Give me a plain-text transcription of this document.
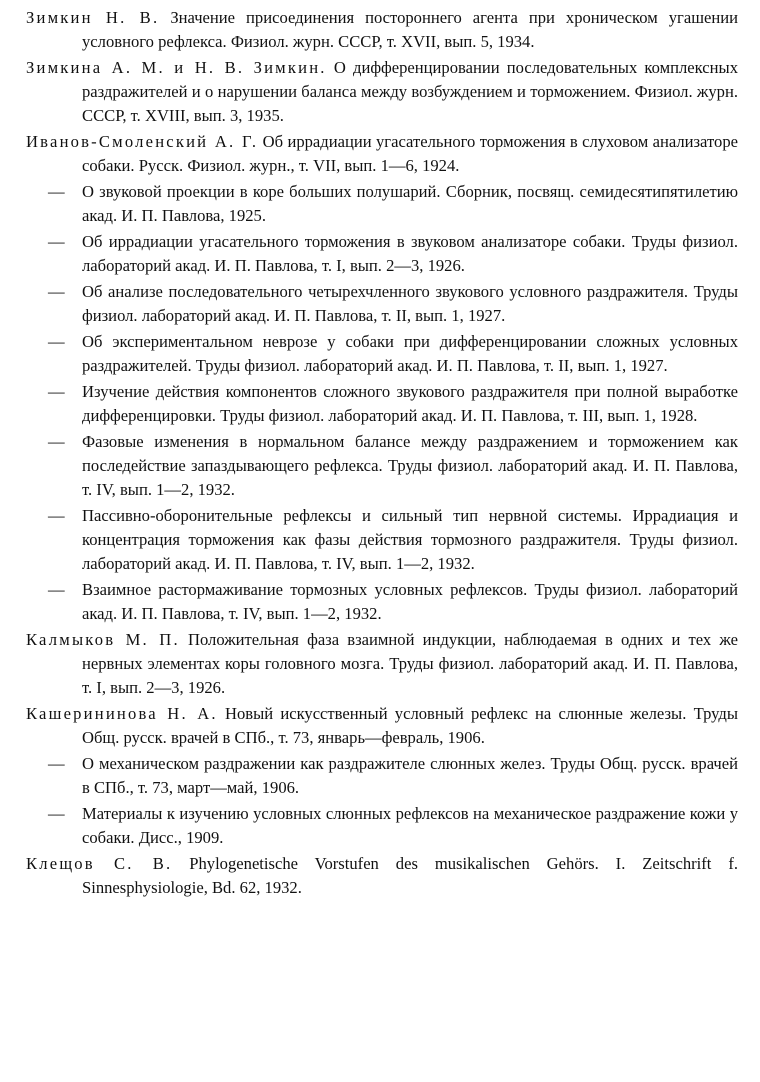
Зимкин Н. В. Значение присоединения постороннего агента при хроническом угашении условного рефлекса. Физиол. журн. СССР, т. XVII, вып. 5, 1934.

Зимкина А. М. и Н. В. Зимкин. О дифференцировании последовательных комплексных раздражителей и о нарушении баланса между возбуждением и торможением. Физиол. журн. СССР, т. XVIII, вып. 3, 1935.

Иванов-Смоленский А. Г. Об иррадиации угасательного торможения в слуховом анализаторе собаки. Русск. Физиол. журн., т. VII, вып. 1—6, 1924.

— О звуковой проекции в коре больших полушарий. Сборник, посвящ. семидесятипятилетию акад. И. П. Павлова, 1925.

— Об иррадиации угасательного торможения в звуковом анализаторе собаки. Труды физиол. лабораторий акад. И. П. Павлова, т. I, вып. 2—3, 1926.

— Об анализе последовательного четырехчленного звукового условного раздражителя. Труды физиол. лабораторий акад. И. П. Павлова, т. II, вып. 1, 1927.

— Об экспериментальном неврозе у собаки при дифференцировании сложных условных раздражителей. Труды физиол. лабораторий акад. И. П. Павлова, т. II, вып. 1, 1927.

— Изучение действия компонентов сложного звукового раздражителя при полной выработке дифференцировки. Труды физиол. лабораторий акад. И. П. Павлова, т. III, вып. 1, 1928.

— Фазовые изменения в нормальном балансе между раздражением и торможением как последействие запаздывающего рефлекса. Труды физиол. лабораторий акад. И. П. Павлова, т. IV, вып. 1—2, 1932.

— Пассивно-оборонительные рефлексы и сильный тип нервной системы. Иррадиация и концентрация торможения как фазы действия тормозного раздражителя. Труды физиол. лабораторий акад. И. П. Павлова, т. IV, вып. 1—2, 1932.

— Взаимное растормаживание тормозных условных рефлексов. Труды физиол. лабораторий акад. И. П. Павлова, т. IV, вып. 1—2, 1932.

Калмыков М. П. Положительная фаза взаимной индукции, наблюдаемая в одних и тех же нервных элементах коры головного мозга. Труды физиол. лабораторий акад. И. П. Павлова, т. I, вып. 2—3, 1926.

Кашерининова Н. А. Новый искусственный условный рефлекс на слюнные железы. Труды Общ. русск. врачей в СПб., т. 73, январь—февраль, 1906.

— О механическом раздражении как раздражителе слюнных желез. Труды Общ. русск. врачей в СПб., т. 73, март—май, 1906.

— Материалы к изучению условных слюнных рефлексов на механическое раздражение кожи у собаки. Дисс., 1909.

Клещов С. В. Phylogenetische Vorstufen des musikalischen Gehörs. I. Zeitschrift f. Sinnesphysiologie, Bd. 62, 1932.
